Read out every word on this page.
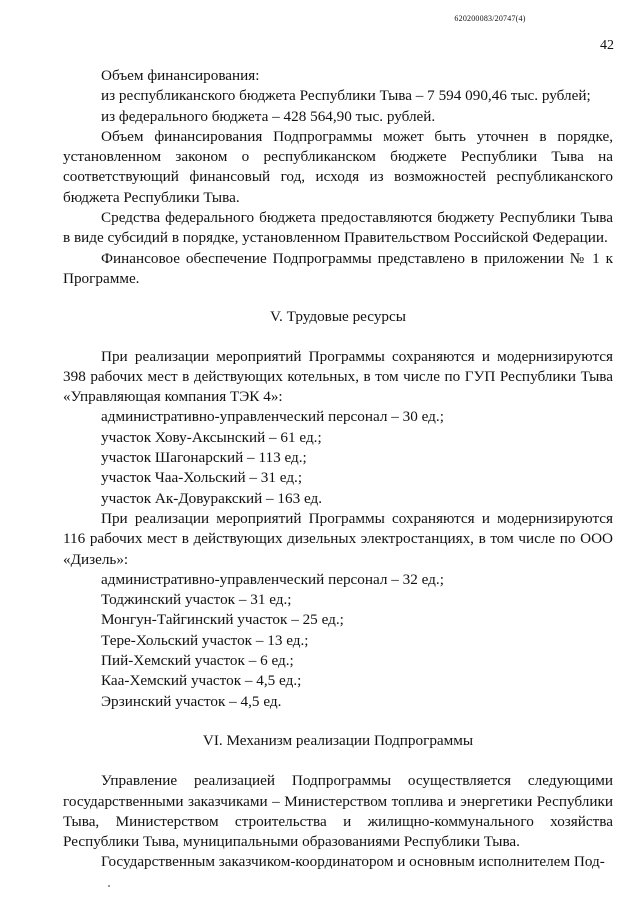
620200083/20747(4)
42

Объем финансирования:

из республиканского бюджета Республики Тыва – 7 594 090,46 тыс. рублей;

из федерального бюджета – 428 564,90 тыс. рублей.

Объем финансирования Подпрограммы может быть уточнен в порядке, установленном законом о республиканском бюджете Республики Тыва на соответствующий финансовый год, исходя из возможностей республиканского бюджета Республики Тыва.

Средства федерального бюджета предоставляются бюджету Республики Тыва в виде субсидий в порядке, установленном Правительством Российской Федерации.

Финансовое обеспечение Подпрограммы представлено в приложении № 1 к Программе.

V. Трудовые ресурсы

При реализации мероприятий Программы сохраняются и модернизируются 398 рабочих мест в действующих котельных, в том числе по ГУП Республики Тыва «Управляющая компания ТЭК 4»:

административно-управленческий персонал – 30 ед.;

участок Хову-Аксынский – 61 ед.;

участок Шагонарский – 113 ед.;

участок Чаа-Хольский – 31 ед.;

участок Ак-Довуракский – 163 ед.

При реализации мероприятий Программы сохраняются и модернизируются 116 рабочих мест в действующих дизельных электростанциях, в том числе по ООО «Дизель»:

административно-управленческий персонал – 32 ед.;

Тоджинский участок – 31 ед.;

Монгун-Тайгинский участок – 25 ед.;

Тере-Хольский участок – 13 ед.;

Пий-Хемский участок – 6 ед.;

Каа-Хемский участок – 4,5 ед.;

Эрзинский участок – 4,5 ед.

VI. Механизм реализации Подпрограммы

Управление реализацией Подпрограммы осуществляется следующими государственными заказчиками – Министерством топлива и энергетики Республики Тыва, Министерством строительства и жилищно-коммунального хозяйства Республики Тыва, муниципальными образованиями Республики Тыва.

Государственным заказчиком-координатором и основным исполнителем Под-
